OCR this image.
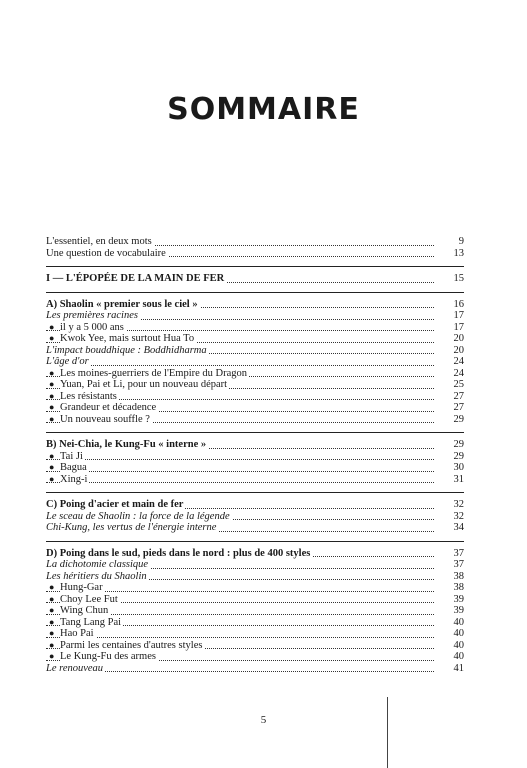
SOMMAIRE
L'essentiel, en deux mots	9
Une question de vocabulaire	13
I — L'ÉPOPÉE DE LA MAIN DE FER	15
A) Shaolin « premier sous le ciel »	16
Les premières racines	17
● il y a 5 000 ans	17
● Kwok Yee, mais surtout Hua To	20
L'impact bouddhique : Boddhidharma	20
L'âge d'or	24
● Les moines-guerriers de l'Empire du Dragon	24
● Yuan, Pai et Li, pour un nouveau départ	25
● Les résistants	27
● Grandeur et décadence	27
● Un nouveau souffle ?	29
B) Nei-Chia, le Kung-Fu « interne »	29
● Tai Ji	29
● Bagua	30
● Xing-i	31
C) Poing d'acier et main de fer	32
Le sceau de Shaolin : la force de la légende	32
Chi-Kung, les vertus de l'énergie interne	34
D) Poing dans le sud, pieds dans le nord : plus de 400 styles	37
La dichotomie classique	37
Les héritiers du Shaolin	38
● Hung-Gar	38
● Choy Lee Fut	39
● Wing Chun	39
● Tang Lang Pai	40
● Hao Pai	40
● Parmi les centaines d'autres styles	40
● Le Kung-Fu des armes	40
Le renouveau	41
5
